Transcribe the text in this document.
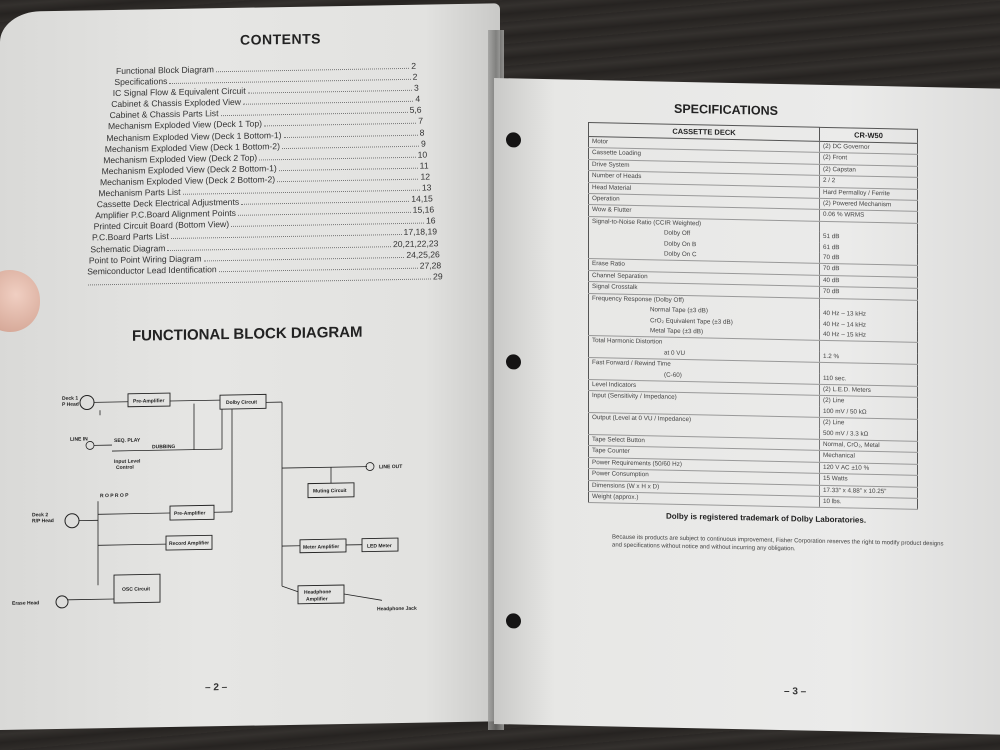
CONTENTS
Functional Block Diagram	2
Specifications	2
IC Signal Flow & Equivalent Circuit	3
Cabinet & Chassis Exploded View	4
Cabinet & Chassis Parts List	5,6
Mechanism Exploded View (Deck 1 Top)	7
Mechanism Exploded View (Deck 1 Bottom-1)	8
Mechanism Exploded View (Deck 1 Bottom-2)	9
Mechanism Exploded View (Deck 2 Top)	10
Mechanism Exploded View (Deck 2 Bottom-1)	11
Mechanism Exploded View (Deck 2 Bottom-2)	12
Mechanism Parts List	13
Cassette Deck Electrical Adjustments	14,15
Amplifier P.C.Board Alignment Points	15,16
Printed Circuit Board (Bottom View)	16
P.C.Board Parts List	17,18,19
Schematic Diagram	20,21,22,23
Point to Point Wiring Diagram	24,25,26
Semiconductor Lead Identification	27,28
29
FUNCTIONAL BLOCK DIAGRAM
Deck 1
P Head
Pre-Amplifier	Dolby Circuit
LINE IN	SEQ. PLAY
DUBBING
Input Level
Control	LINE OUT
Muting Circuit
R O P R O P
Deck 2
R/P Head
Pre-Amplifier
Record Amplifier
Meter Amplifier	LED Meter
OSC Circuit
Erase Head
Headphone
Amplifier
Headphone Jack
– 2 –
SPECIFICATIONS
CASSETTE DECK	CR-W50
Motor	(2) DC Governor
Cassette Loading	(2) Front
Drive System	(2) Capstan
Number of Heads	2 / 2
Head Material	Hard Permalloy / Ferrite
Operation	(2) Powered Mechanism
Wow & Flutter	0.06 % WRMS
Signal-to-Noise Ratio (CCIR Weighted)	
Dolby Off	51 dB
Dolby On B	61 dB
Dolby On C	70 dB
Erase Ratio	70 dB
Channel Separation	40 dB
Signal Crosstalk	70 dB
Frequency Response (Dolby Off)	
Normal Tape (±3 dB)	40 Hz – 13 kHz
CrO₂ Equivalent Tape (±3 dB)	40 Hz – 14 kHz
Metal Tape (±3 dB)	40 Hz – 15 kHz
Total Harmonic Distortion	
at 0 VU	1.2 %
Fast Forward / Rewind Time	
(C-60)	110 sec.
Level Indicators	(2) L.E.D. Meters
Input (Sensitivity / Impedance)	(2) Line
	100 mV / 50 kΩ
Output (Level at 0 VU / Impedance)	(2) Line
	500 mV / 3.3 kΩ
Tape Select Button	Normal, CrO₂, Metal
Tape Counter	Mechanical
Power Requirements (50/60 Hz)	120 V AC ±10 %
Power Consumption	15 Watts
Dimensions (W x H x D)	17.33” x 4.88” x 10.25”
Weight (approx.)	10 lbs.
Dolby is registered trademark of Dolby Laboratories.
Because its products are subject to continuous improvement, Fisher Corporation reserves the right to modify product designs and specifications without notice and without incurring any obligation.
– 3 –
